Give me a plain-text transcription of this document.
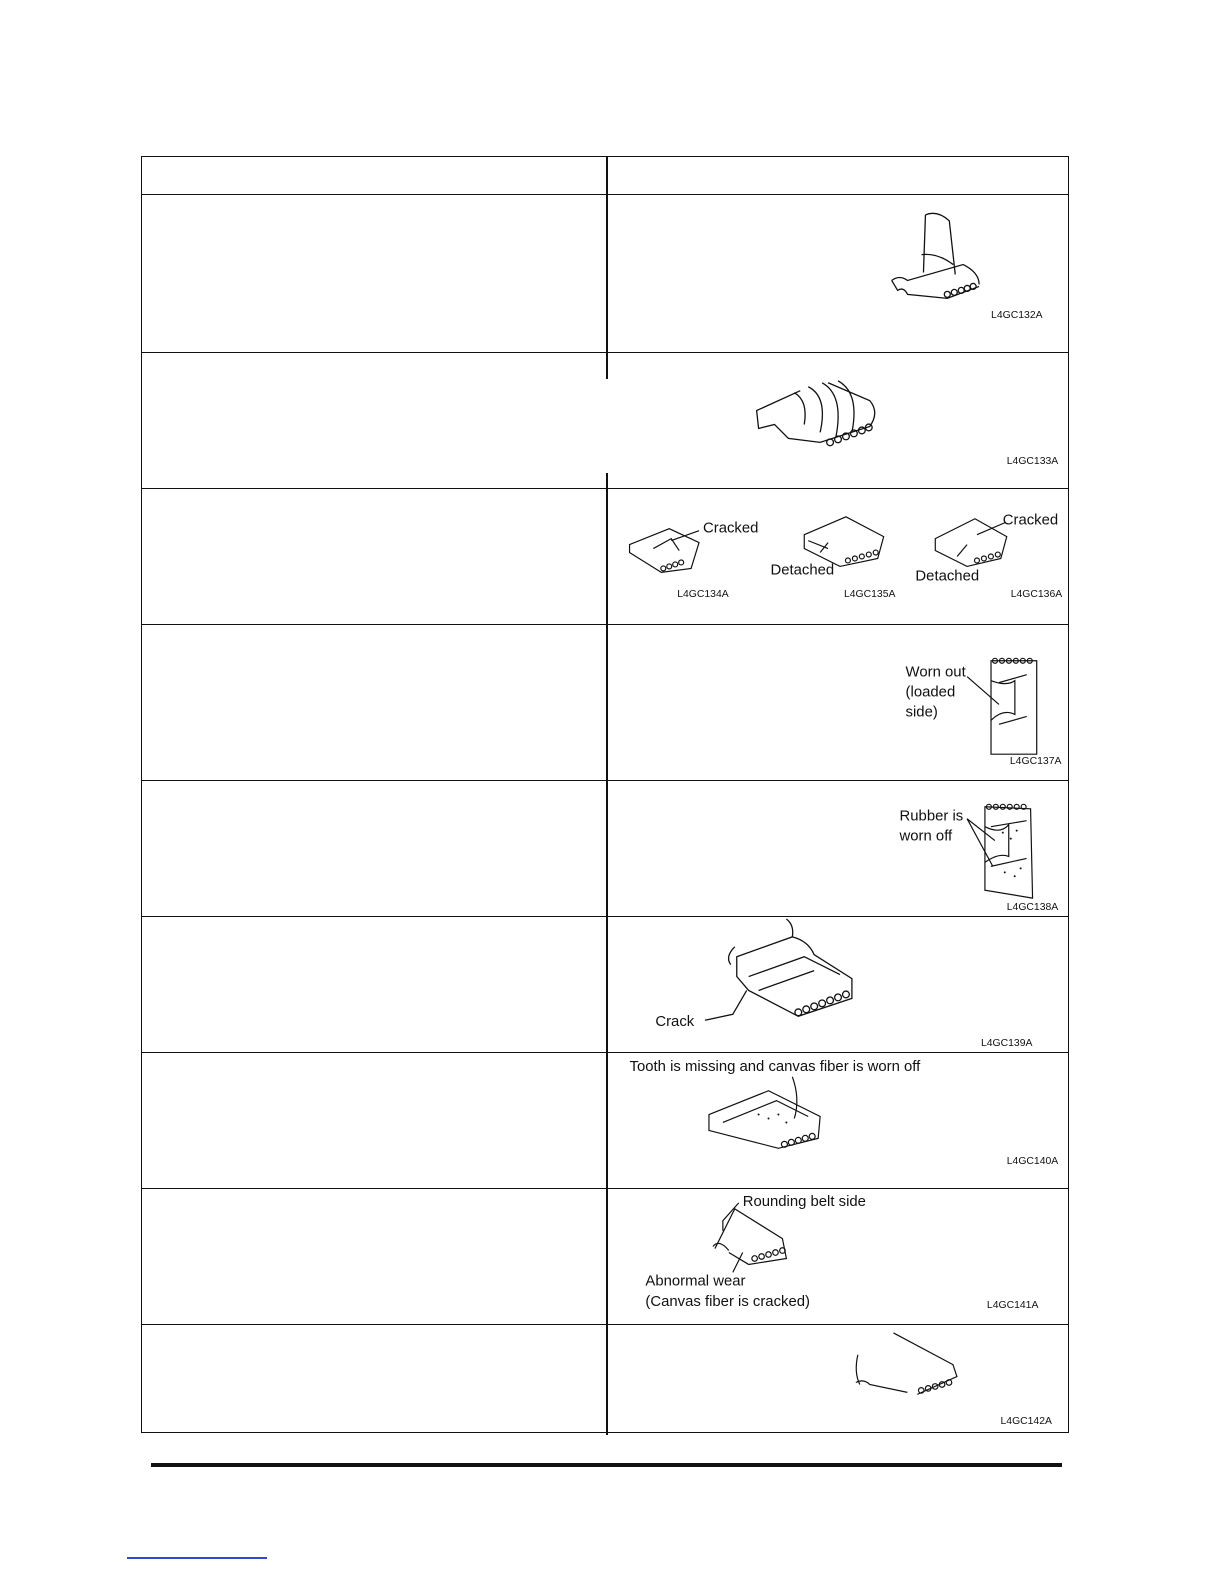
L4GC132A
L4GC133A
Cracked
Detached
Cracked
Detached
L4GC134A	L4GC135A	L4GC136A
Worn out
(loaded
side)
L4GC137A
Rubber is
worn off
L4GC138A
Crack
L4GC139A
Tooth is missing and canvas fiber is worn off
L4GC140A
Rounding belt side
Abnormal wear
(Canvas fiber is cracked)	L4GC141A
L4GC142A
